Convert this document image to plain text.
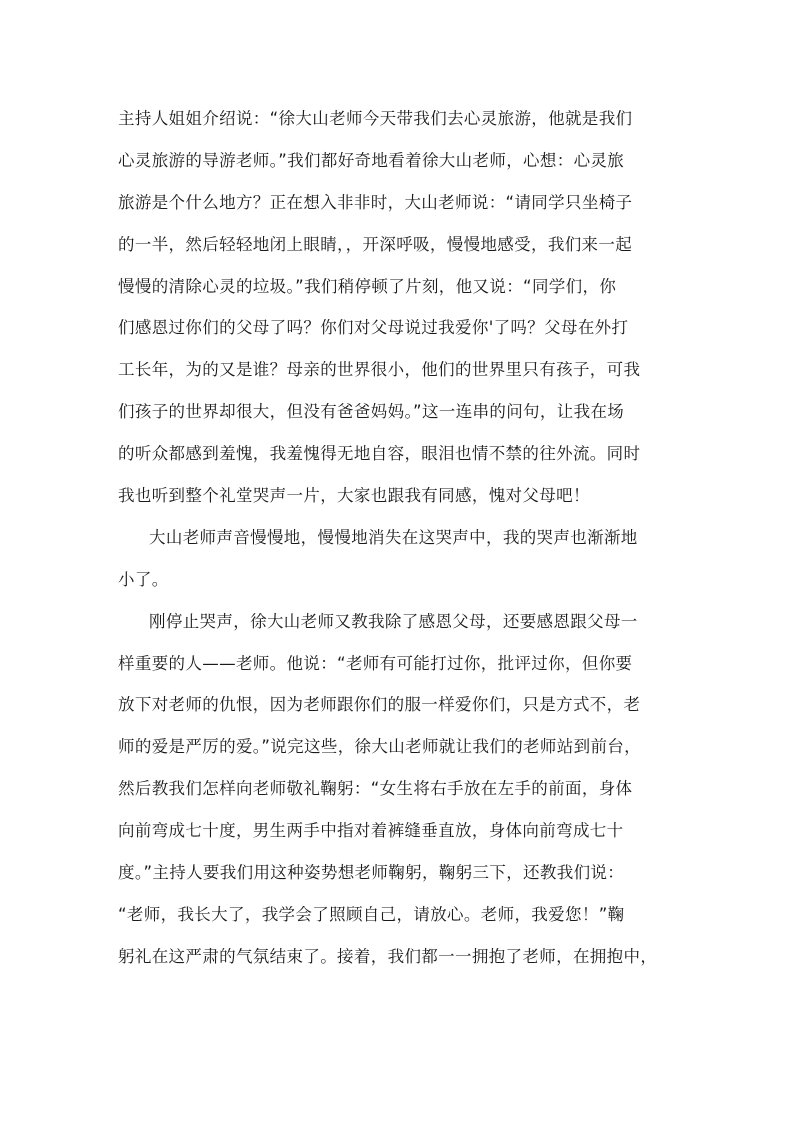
主持人姐姐介绍说：“徐大山老师今天带我们去心灵旅游，他就是我们
心灵旅游的导游老师。”我们都好奇地看着徐大山老师，心想：心灵旅
旅游是个什么地方？正在想入非非时，大山老师说：“请同学只坐椅子
的一半，然后轻轻地闭上眼睛，，开深呼吸，慢慢地感受，我们来一起
慢慢的清除心灵的垃圾。”我们稍停顿了片刻，他又说：“同学们，你
们感恩过你们的父母了吗？你们对父母说过我爱你'了吗？父母在外打
工长年，为的又是谁？母亲的世界很小，他们的世界里只有孩子，可我
们孩子的世界却很大，但没有爸爸妈妈。”这一连串的问句，让我在场
的听众都感到羞愧，我羞愧得无地自容，眼泪也情不禁的往外流。同时
我也听到整个礼堂哭声一片，大家也跟我有同感，愧对父母吧！
大山老师声音慢慢地，慢慢地消失在这哭声中，我的哭声也渐渐地
小了。
刚停止哭声，徐大山老师又教我除了感恩父母，还要感恩跟父母一
样重要的人——老师。他说：“老师有可能打过你，批评过你，但你要
放下对老师的仇恨，因为老师跟你们的服一样爱你们，只是方式不，老
师的爱是严厉的爱。”说完这些，徐大山老师就让我们的老师站到前台，
然后教我们怎样向老师敬礼鞠躬：“女生将右手放在左手的前面，身体
向前弯成七十度，男生两手中指对着裤缝垂直放，身体向前弯成七十
度。”主持人要我们用这种姿势想老师鞠躬，鞠躬三下，还教我们说：
“老师，我长大了，我学会了照顾自己，请放心。老师，我爱您！”鞠
躬礼在这严肃的气氛结束了。接着，我们都一一拥抱了老师，在拥抱中，
